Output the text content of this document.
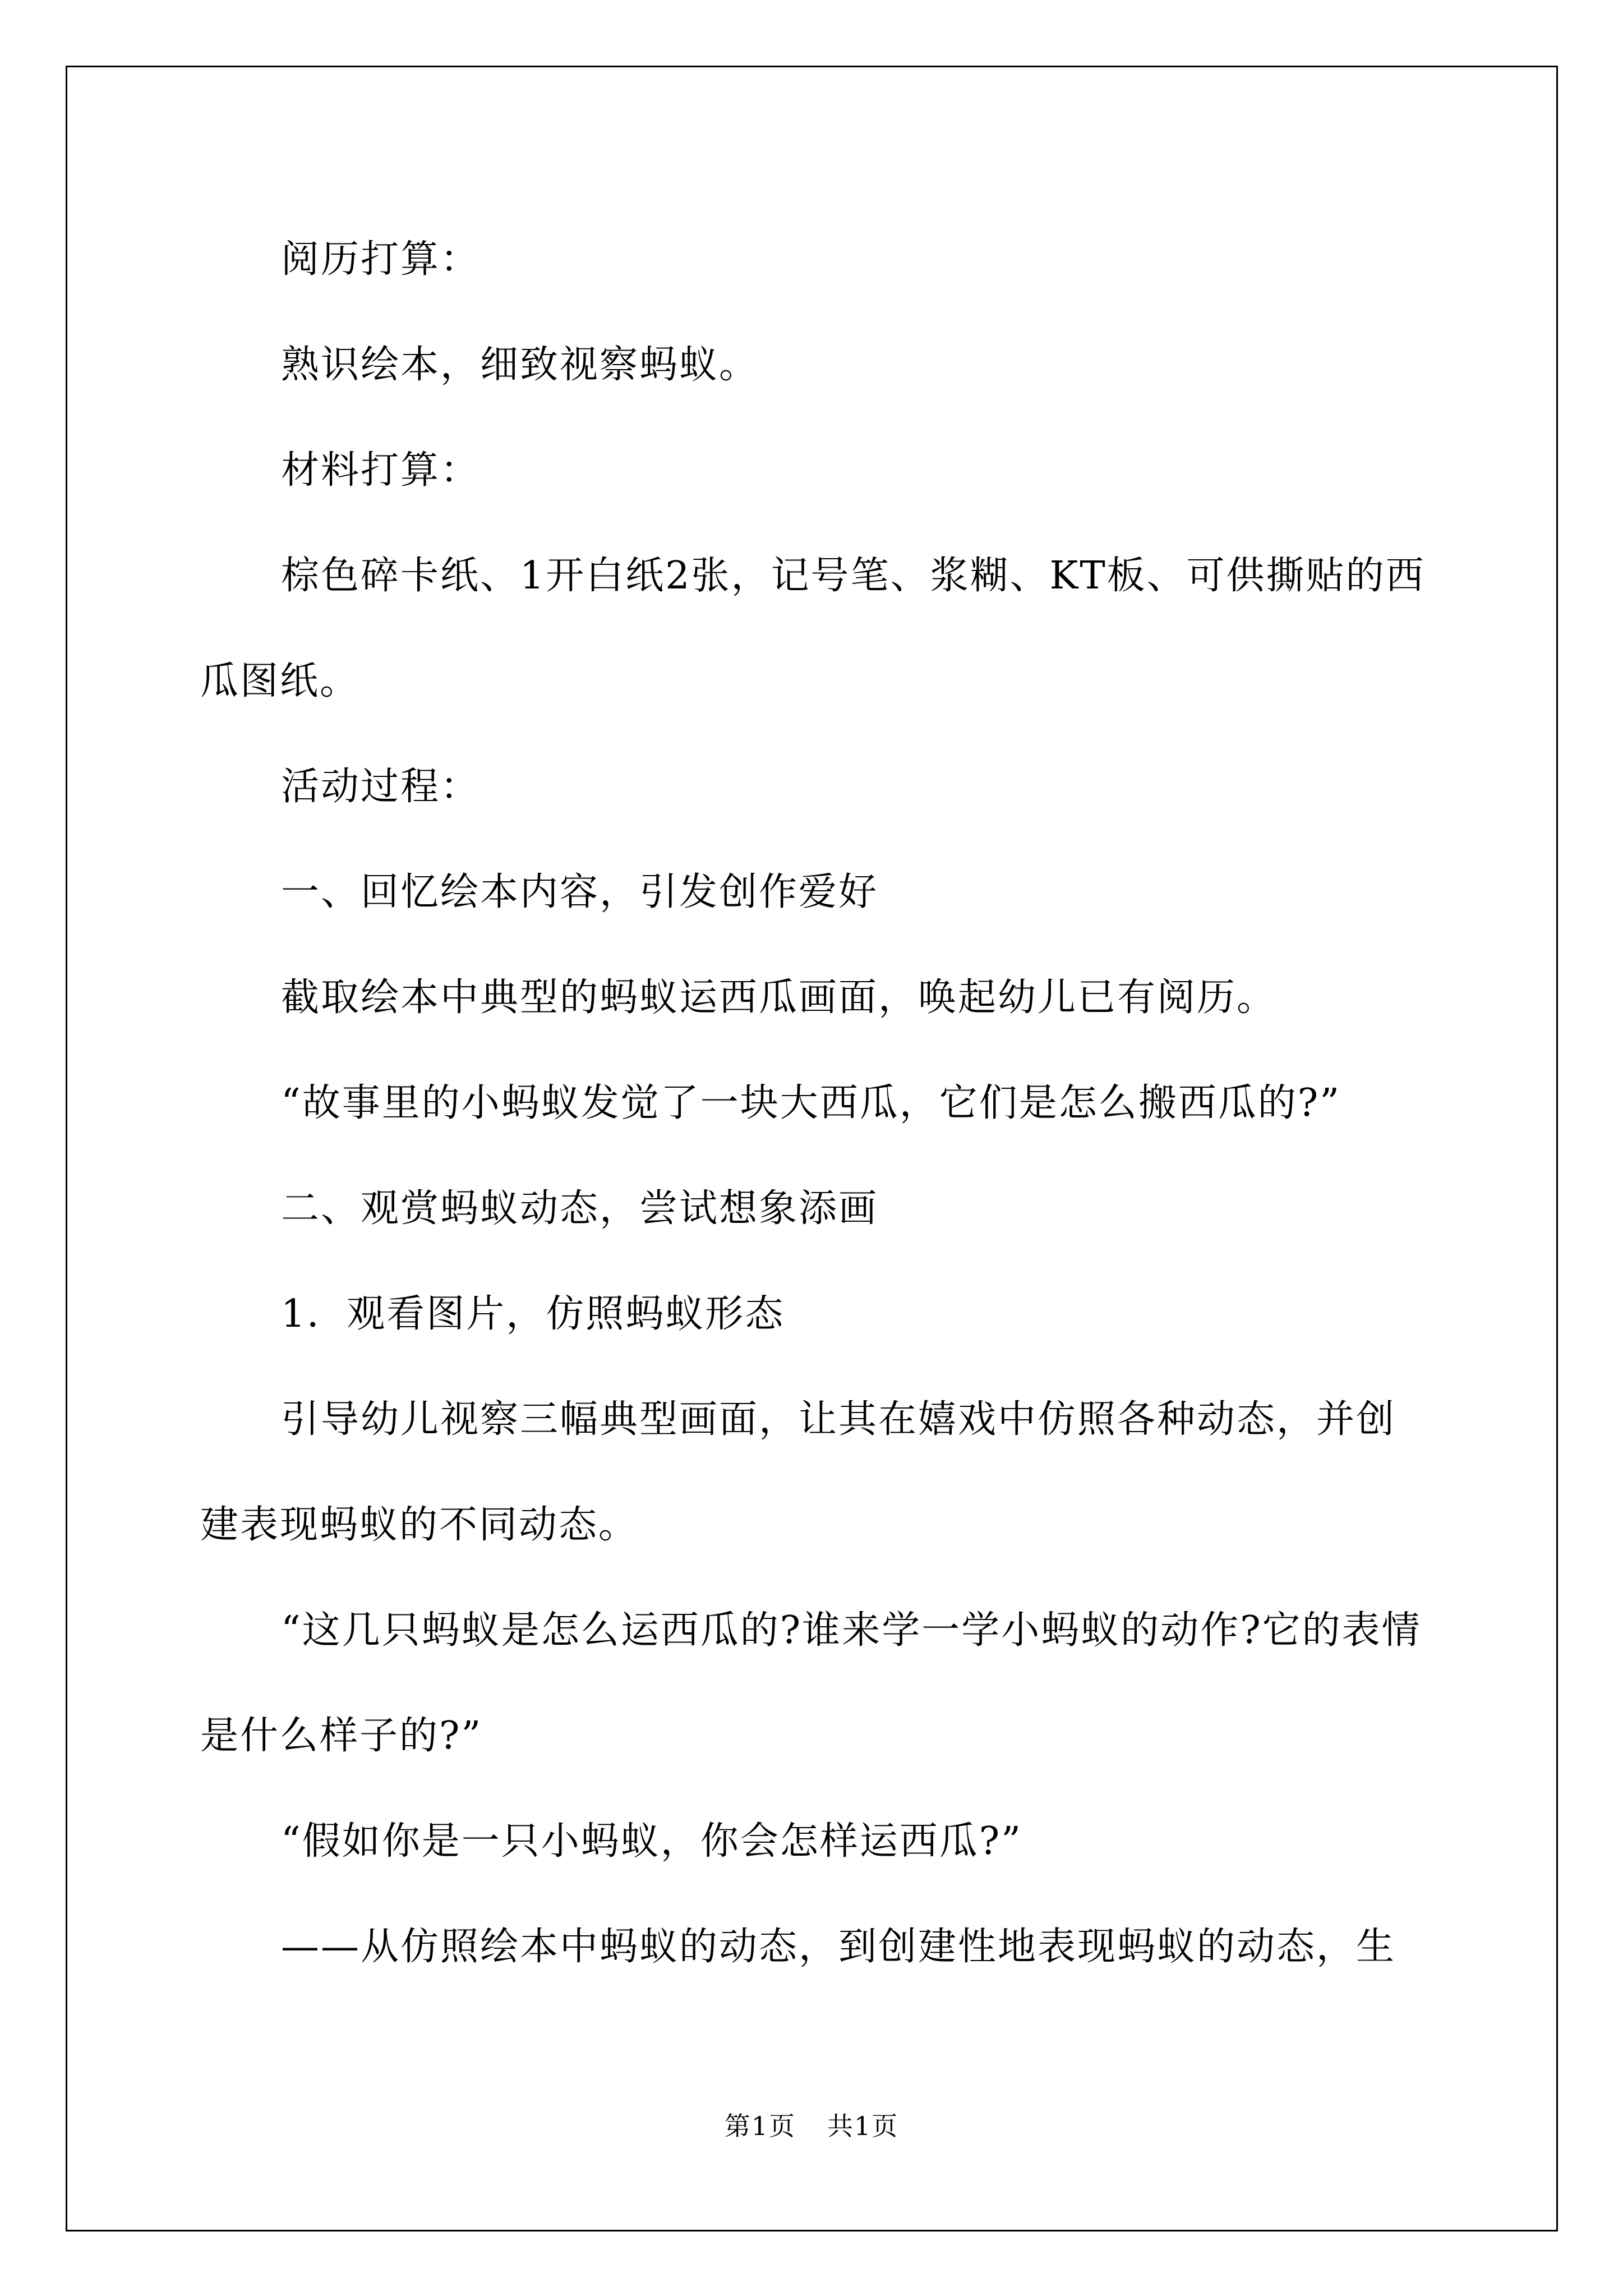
阅历打算：

熟识绘本，细致视察蚂蚁。

材料打算：

棕色碎卡纸、1开白纸2张，记号笔、浆糊、KT板、可供撕贴的西瓜图纸。

活动过程：

一、回忆绘本内容，引发创作爱好

截取绘本中典型的蚂蚁运西瓜画面，唤起幼儿已有阅历。

“故事里的小蚂蚁发觉了一块大西瓜，它们是怎么搬西瓜的?”

二、观赏蚂蚁动态，尝试想象添画

1．观看图片，仿照蚂蚁形态

引导幼儿视察三幅典型画面，让其在嬉戏中仿照各种动态，并创建表现蚂蚁的不同动态。

“这几只蚂蚁是怎么运西瓜的?谁来学一学小蚂蚁的动作?它的表情是什么样子的?”

“假如你是一只小蚂蚁，你会怎样运西瓜?”

——从仿照绘本中蚂蚁的动态，到创建性地表现蚂蚁的动态，生

第1页 共1页
